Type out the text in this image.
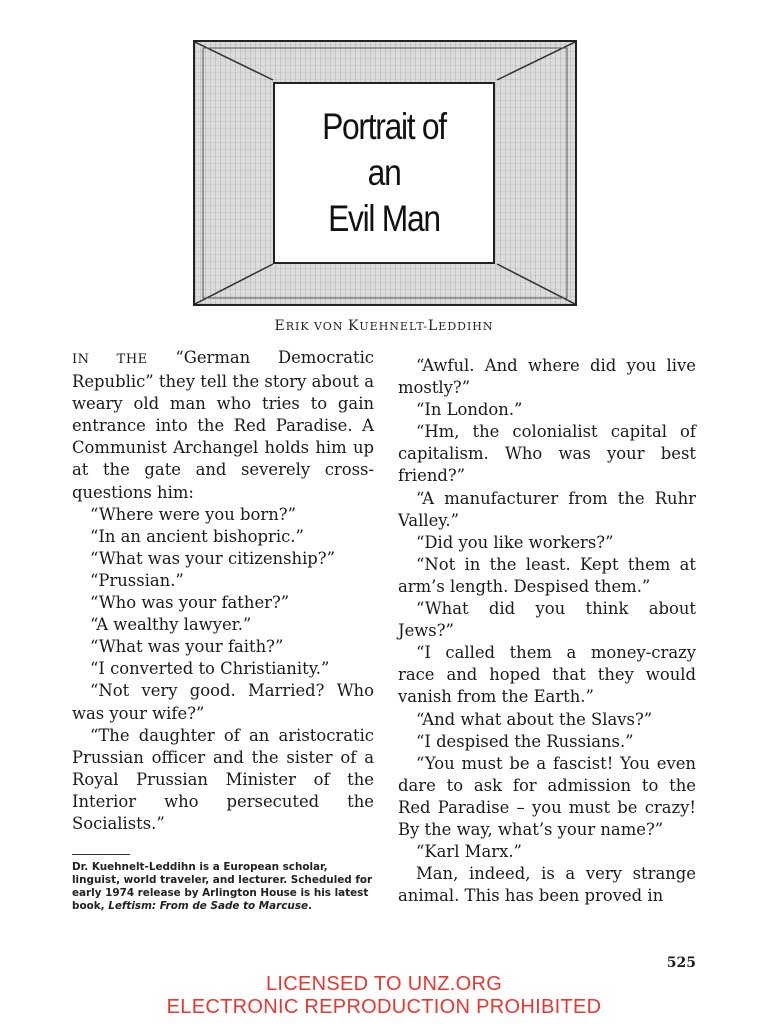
Portrait of
an
Evil Man
ERIK VON KUEHNELT-LEDDIHN

IN THE “German Democratic Republic” they tell the story about a weary old man who tries to gain entrance into the Red Paradise. A Communist Archangel holds him up at the gate and severely cross-questions him:

“Where were you born?”

“In an ancient bishopric.”

“What was your citizenship?”

“Prussian.”

“Who was your father?”

“A wealthy lawyer.”

“What was your faith?”

“I converted to Christianity.”

“Not very good. Married? Who was your wife?”

“The daughter of an aristocratic Prussian officer and the sister of a Royal Prussian Minister of the Interior who persecuted the Socialists.”

Dr. Kuehnelt-Leddihn is a European scholar, linguist, world traveler, and lecturer. Scheduled for early 1974 release by Arlington House is his latest book, Leftism: From de Sade to Marcuse.

“Awful. And where did you live mostly?”

“In London.”

“Hm, the colonialist capital of capitalism. Who was your best friend?”

“A manufacturer from the Ruhr Valley.”

“Did you like workers?”

“Not in the least. Kept them at arm’s length. Despised them.”

“What did you think about Jews?”

“I called them a money-crazy race and hoped that they would vanish from the Earth.”

“And what about the Slavs?”

“I despised the Russians.”

“You must be a fascist! You even dare to ask for admission to the Red Paradise – you must be crazy! By the way, what’s your name?”

“Karl Marx.”

Man, indeed, is a very strange animal. This has been proved in

525
LICENSED TO UNZ.ORG
ELECTRONIC REPRODUCTION PROHIBITED
